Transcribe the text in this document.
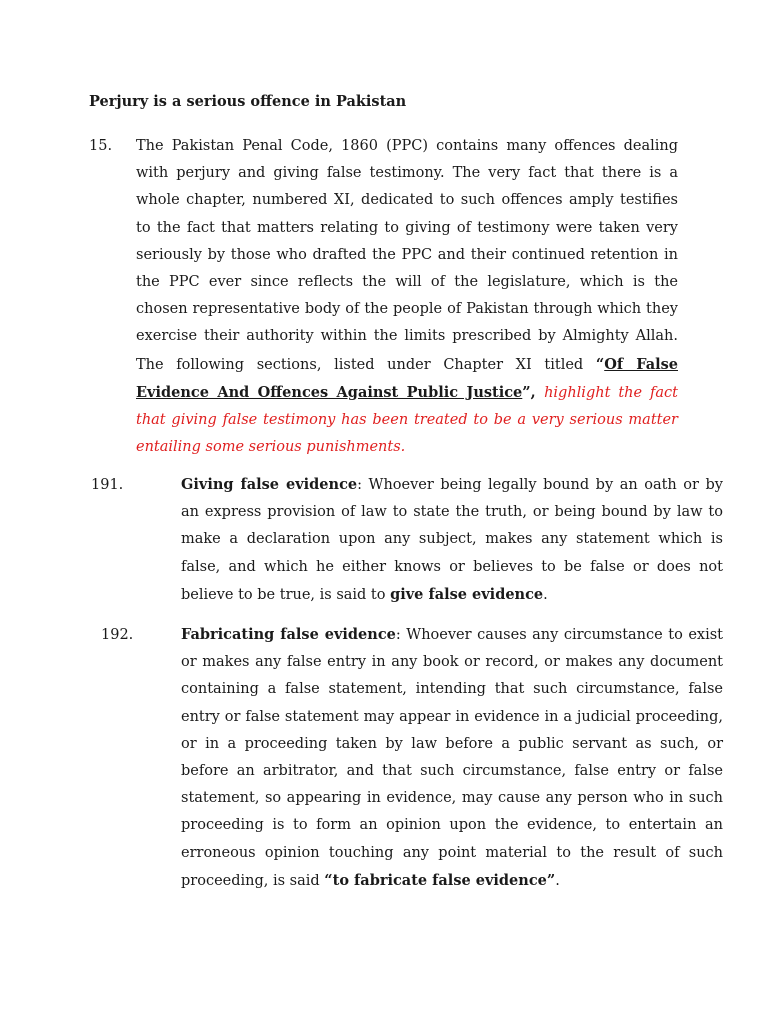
Perjury is a serious offence in Pakistan
15. The Pakistan Penal Code, 1860 (PPC) contains many offences dealing with perjury and giving false testimony. The very fact that there is a whole chapter, numbered XI, dedicated to such offences amply testifies to the fact that matters relating to giving of testimony were taken very seriously by those who drafted the PPC and their continued retention in the PPC ever since reflects the will of the legislature, which is the chosen representative body of the people of Pakistan through which they exercise their authority within the limits prescribed by Almighty Allah. The following sections, listed under Chapter XI titled “Of False Evidence And Offences Against Public Justice”, highlight the fact that giving false testimony has been treated to be a very serious matter entailing some serious punishments.

191.	Giving false evidence: Whoever being legally bound by an oath or by an express provision of law to state the truth, or being bound by law to make a declaration upon any subject, makes any statement which is false, and which he either knows or believes to be false or does not believe to be true, is said to give false evidence.
192.	Fabricating false evidence: Whoever causes any circumstance to exist or makes any false entry in any book or record, or makes any document containing a false statement, intending that such circumstance, false entry or false statement may appear in evidence in a judicial proceeding, or in a proceeding taken by law before a public servant as such, or before an arbitrator, and that such circumstance, false entry or false statement, so appearing in evidence, may cause any person who in such proceeding is to form an opinion upon the evidence, to entertain an erroneous opinion touching any point material to the result of such proceeding, is said “to fabricate false evidence”.
